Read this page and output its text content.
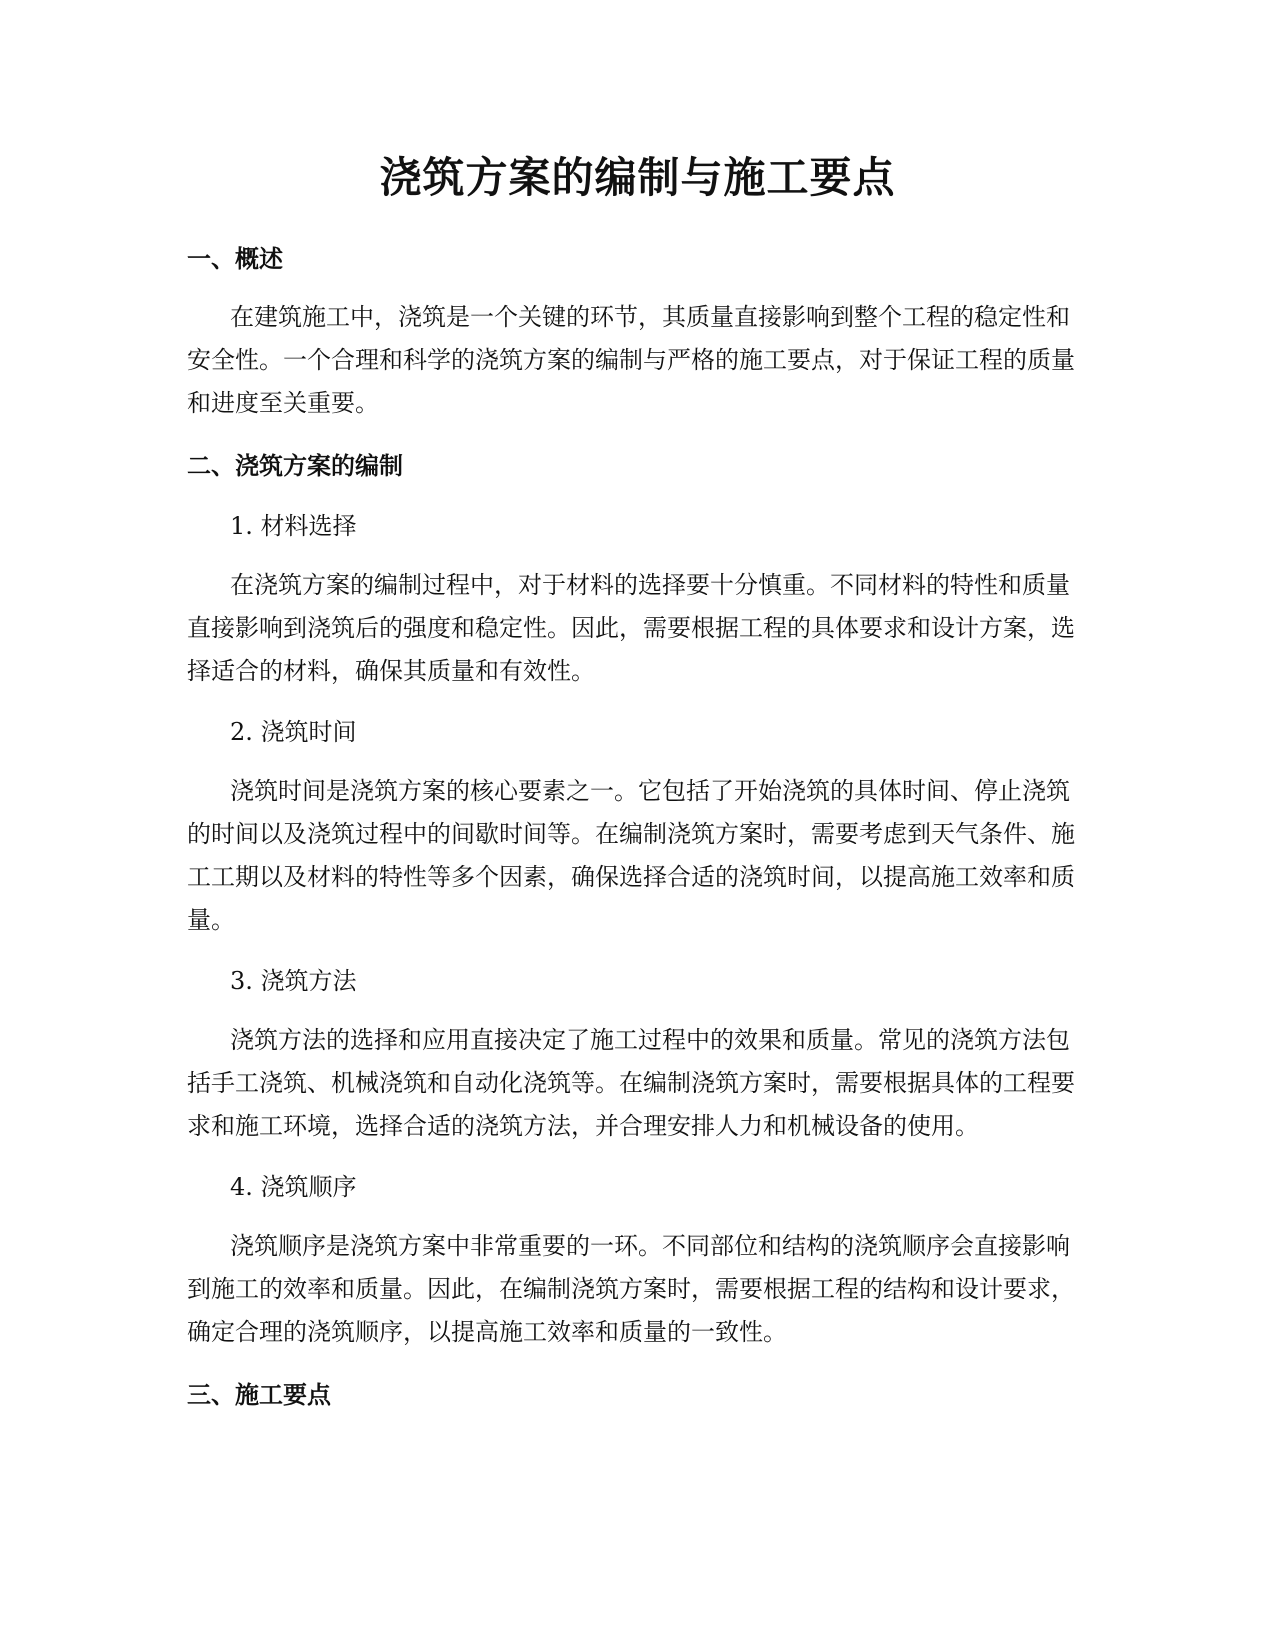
浇筑方案的编制与施工要点
一、概述

在建筑施工中，浇筑是一个关键的环节，其质量直接影响到整个工程的稳定性和安全性。一个合理和科学的浇筑方案的编制与严格的施工要点，对于保证工程的质量和进度至关重要。

二、浇筑方案的编制

1. 材料选择

在浇筑方案的编制过程中，对于材料的选择要十分慎重。不同材料的特性和质量直接影响到浇筑后的强度和稳定性。因此，需要根据工程的具体要求和设计方案，选择适合的材料，确保其质量和有效性。

2. 浇筑时间

浇筑时间是浇筑方案的核心要素之一。它包括了开始浇筑的具体时间、停止浇筑的时间以及浇筑过程中的间歇时间等。在编制浇筑方案时，需要考虑到天气条件、施工工期以及材料的特性等多个因素，确保选择合适的浇筑时间，以提高施工效率和质量。

3. 浇筑方法

浇筑方法的选择和应用直接决定了施工过程中的效果和质量。常见的浇筑方法包括手工浇筑、机械浇筑和自动化浇筑等。在编制浇筑方案时，需要根据具体的工程要求和施工环境，选择合适的浇筑方法，并合理安排人力和机械设备的使用。

4. 浇筑顺序

浇筑顺序是浇筑方案中非常重要的一环。不同部位和结构的浇筑顺序会直接影响到施工的效率和质量。因此，在编制浇筑方案时，需要根据工程的结构和设计要求，确定合理的浇筑顺序，以提高施工效率和质量的一致性。

三、施工要点
